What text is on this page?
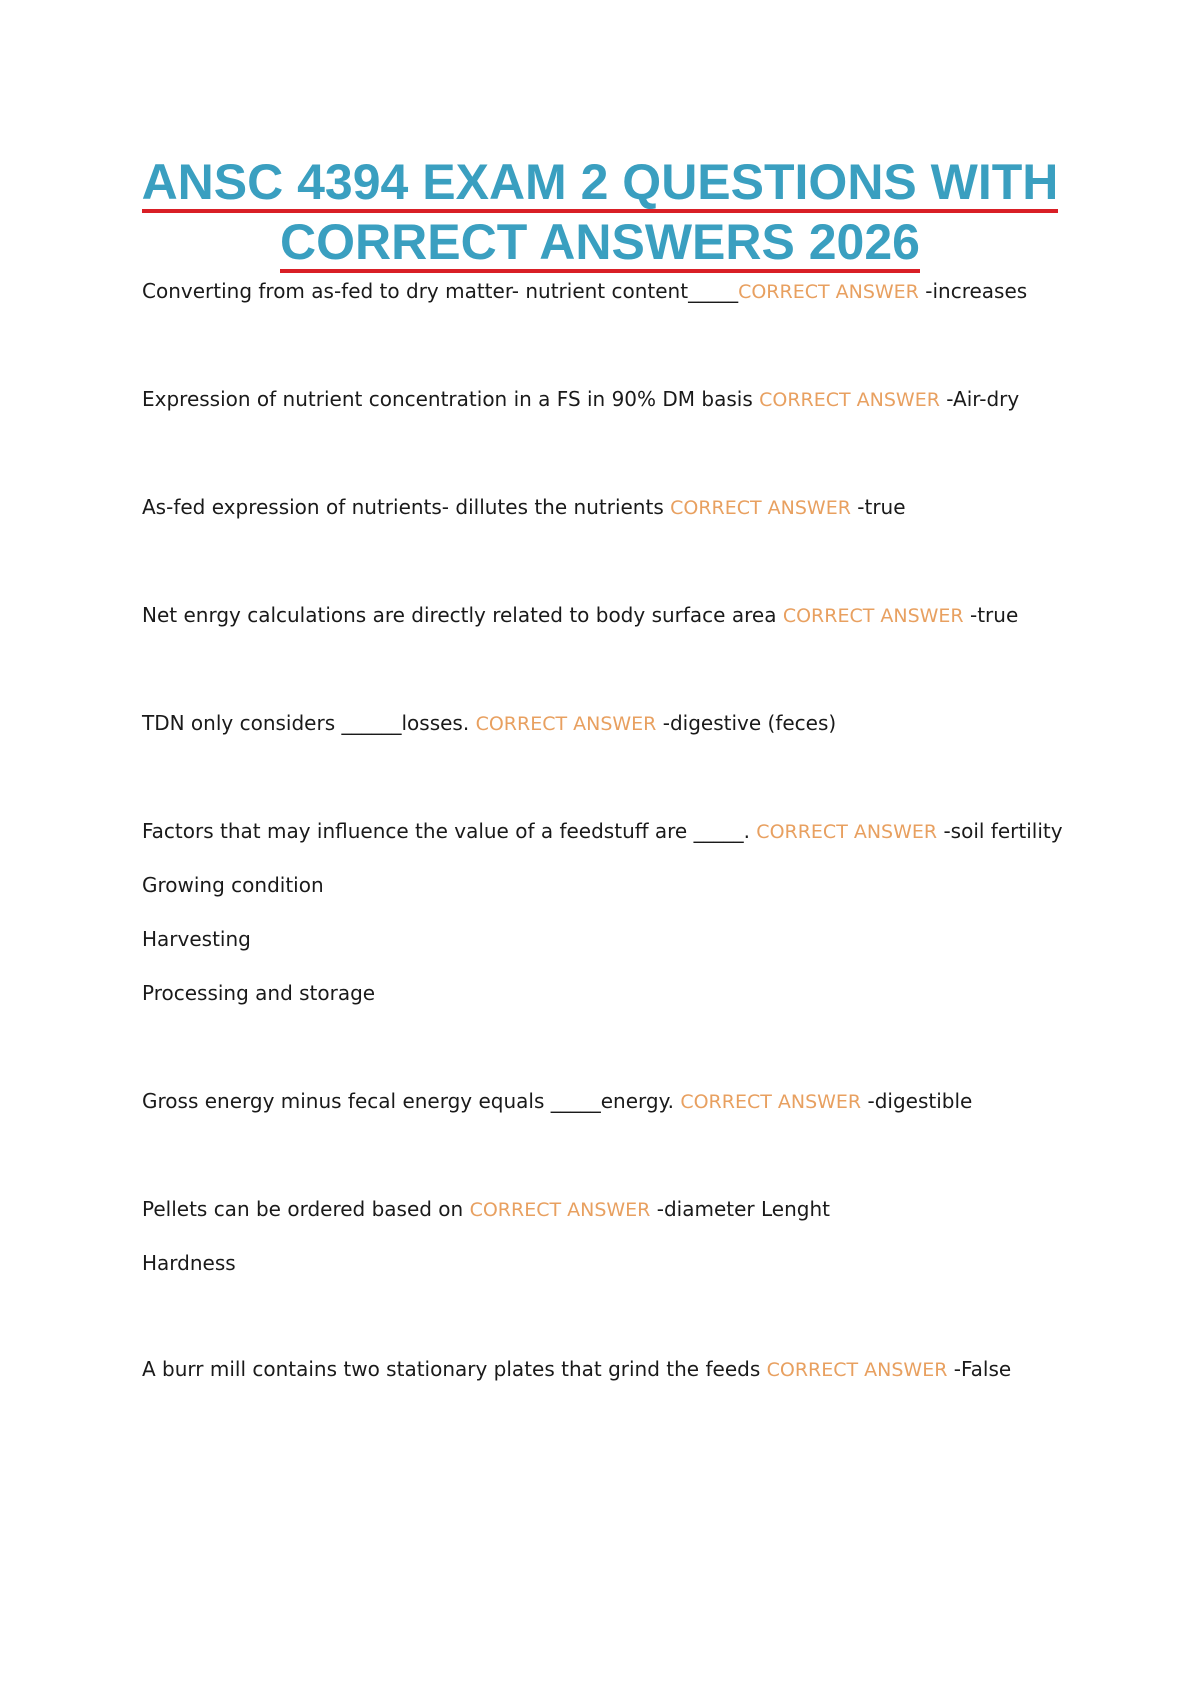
ANSC 4394 EXAM 2 QUESTIONS WITH
CORRECT ANSWERS 2026
Converting from as-fed to dry matter- nutrient content_____CORRECT ANSWER -increases
Expression of nutrient concentration in a FS in 90% DM basis CORRECT ANSWER -Air-dry
As-fed expression of nutrients- dillutes the nutrients CORRECT ANSWER -true
Net enrgy calculations are directly related to body surface area CORRECT ANSWER -true
TDN only considers ______losses. CORRECT ANSWER -digestive (feces)
Factors that may influence the value of a feedstuff are _____. CORRECT ANSWER -soil fertility
Growing condition
Harvesting
Processing and storage
Gross energy minus fecal energy equals _____energy. CORRECT ANSWER -digestible
Pellets can be ordered based on CORRECT ANSWER -diameter Lenght
Hardness
A burr mill contains two stationary plates that grind the feeds CORRECT ANSWER -False
